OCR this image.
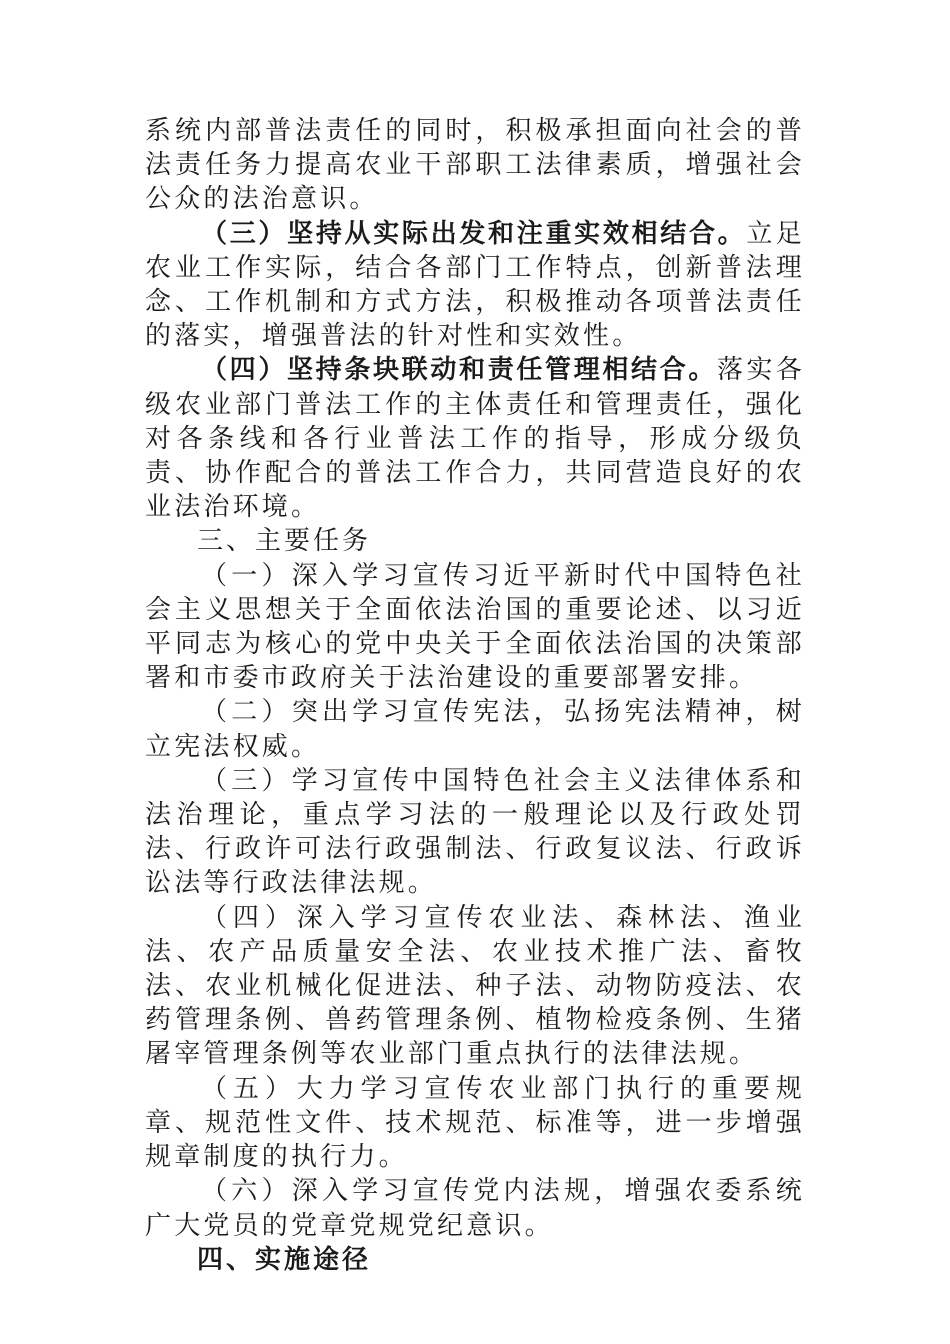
系统内部普法责任的同时，积极承担面向社会的普法责任务力提高农业干部职工法律素质，增强社会公众的法治意识。

（三）坚持从实际出发和注重实效相结合。立足农业工作实际，结合各部门工作特点，创新普法理念、工作机制和方式方法，积极推动各项普法责任的落实，增强普法的针对性和实效性。

（四）坚持条块联动和责任管理相结合。落实各级农业部门普法工作的主体责任和管理责任，强化对各条线和各行业普法工作的指导，形成分级负责、协作配合的普法工作合力，共同营造良好的农业法治环境。

三、主要任务

（一）深入学习宣传习近平新时代中国特色社会主义思想关于全面依法治国的重要论述、以习近平同志为核心的党中央关于全面依法治国的决策部署和市委市政府关于法治建设的重要部署安排。

（二）突出学习宣传宪法，弘扬宪法精神，树立宪法权威。

（三）学习宣传中国特色社会主义法律体系和法治理论，重点学习法的一般理论以及行政处罚法、行政许可法行政强制法、行政复议法、行政诉讼法等行政法律法规。

（四）深入学习宣传农业法、森林法、渔业法、农产品质量安全法、农业技术推广法、畜牧法、农业机械化促进法、种子法、动物防疫法、农药管理条例、兽药管理条例、植物检疫条例、生猪屠宰管理条例等农业部门重点执行的法律法规。

（五）大力学习宣传农业部门执行的重要规章、规范性文件、技术规范、标准等，进一步增强规章制度的执行力。

（六）深入学习宣传党内法规，增强农委系统广大党员的党章党规党纪意识。

四、实施途径
